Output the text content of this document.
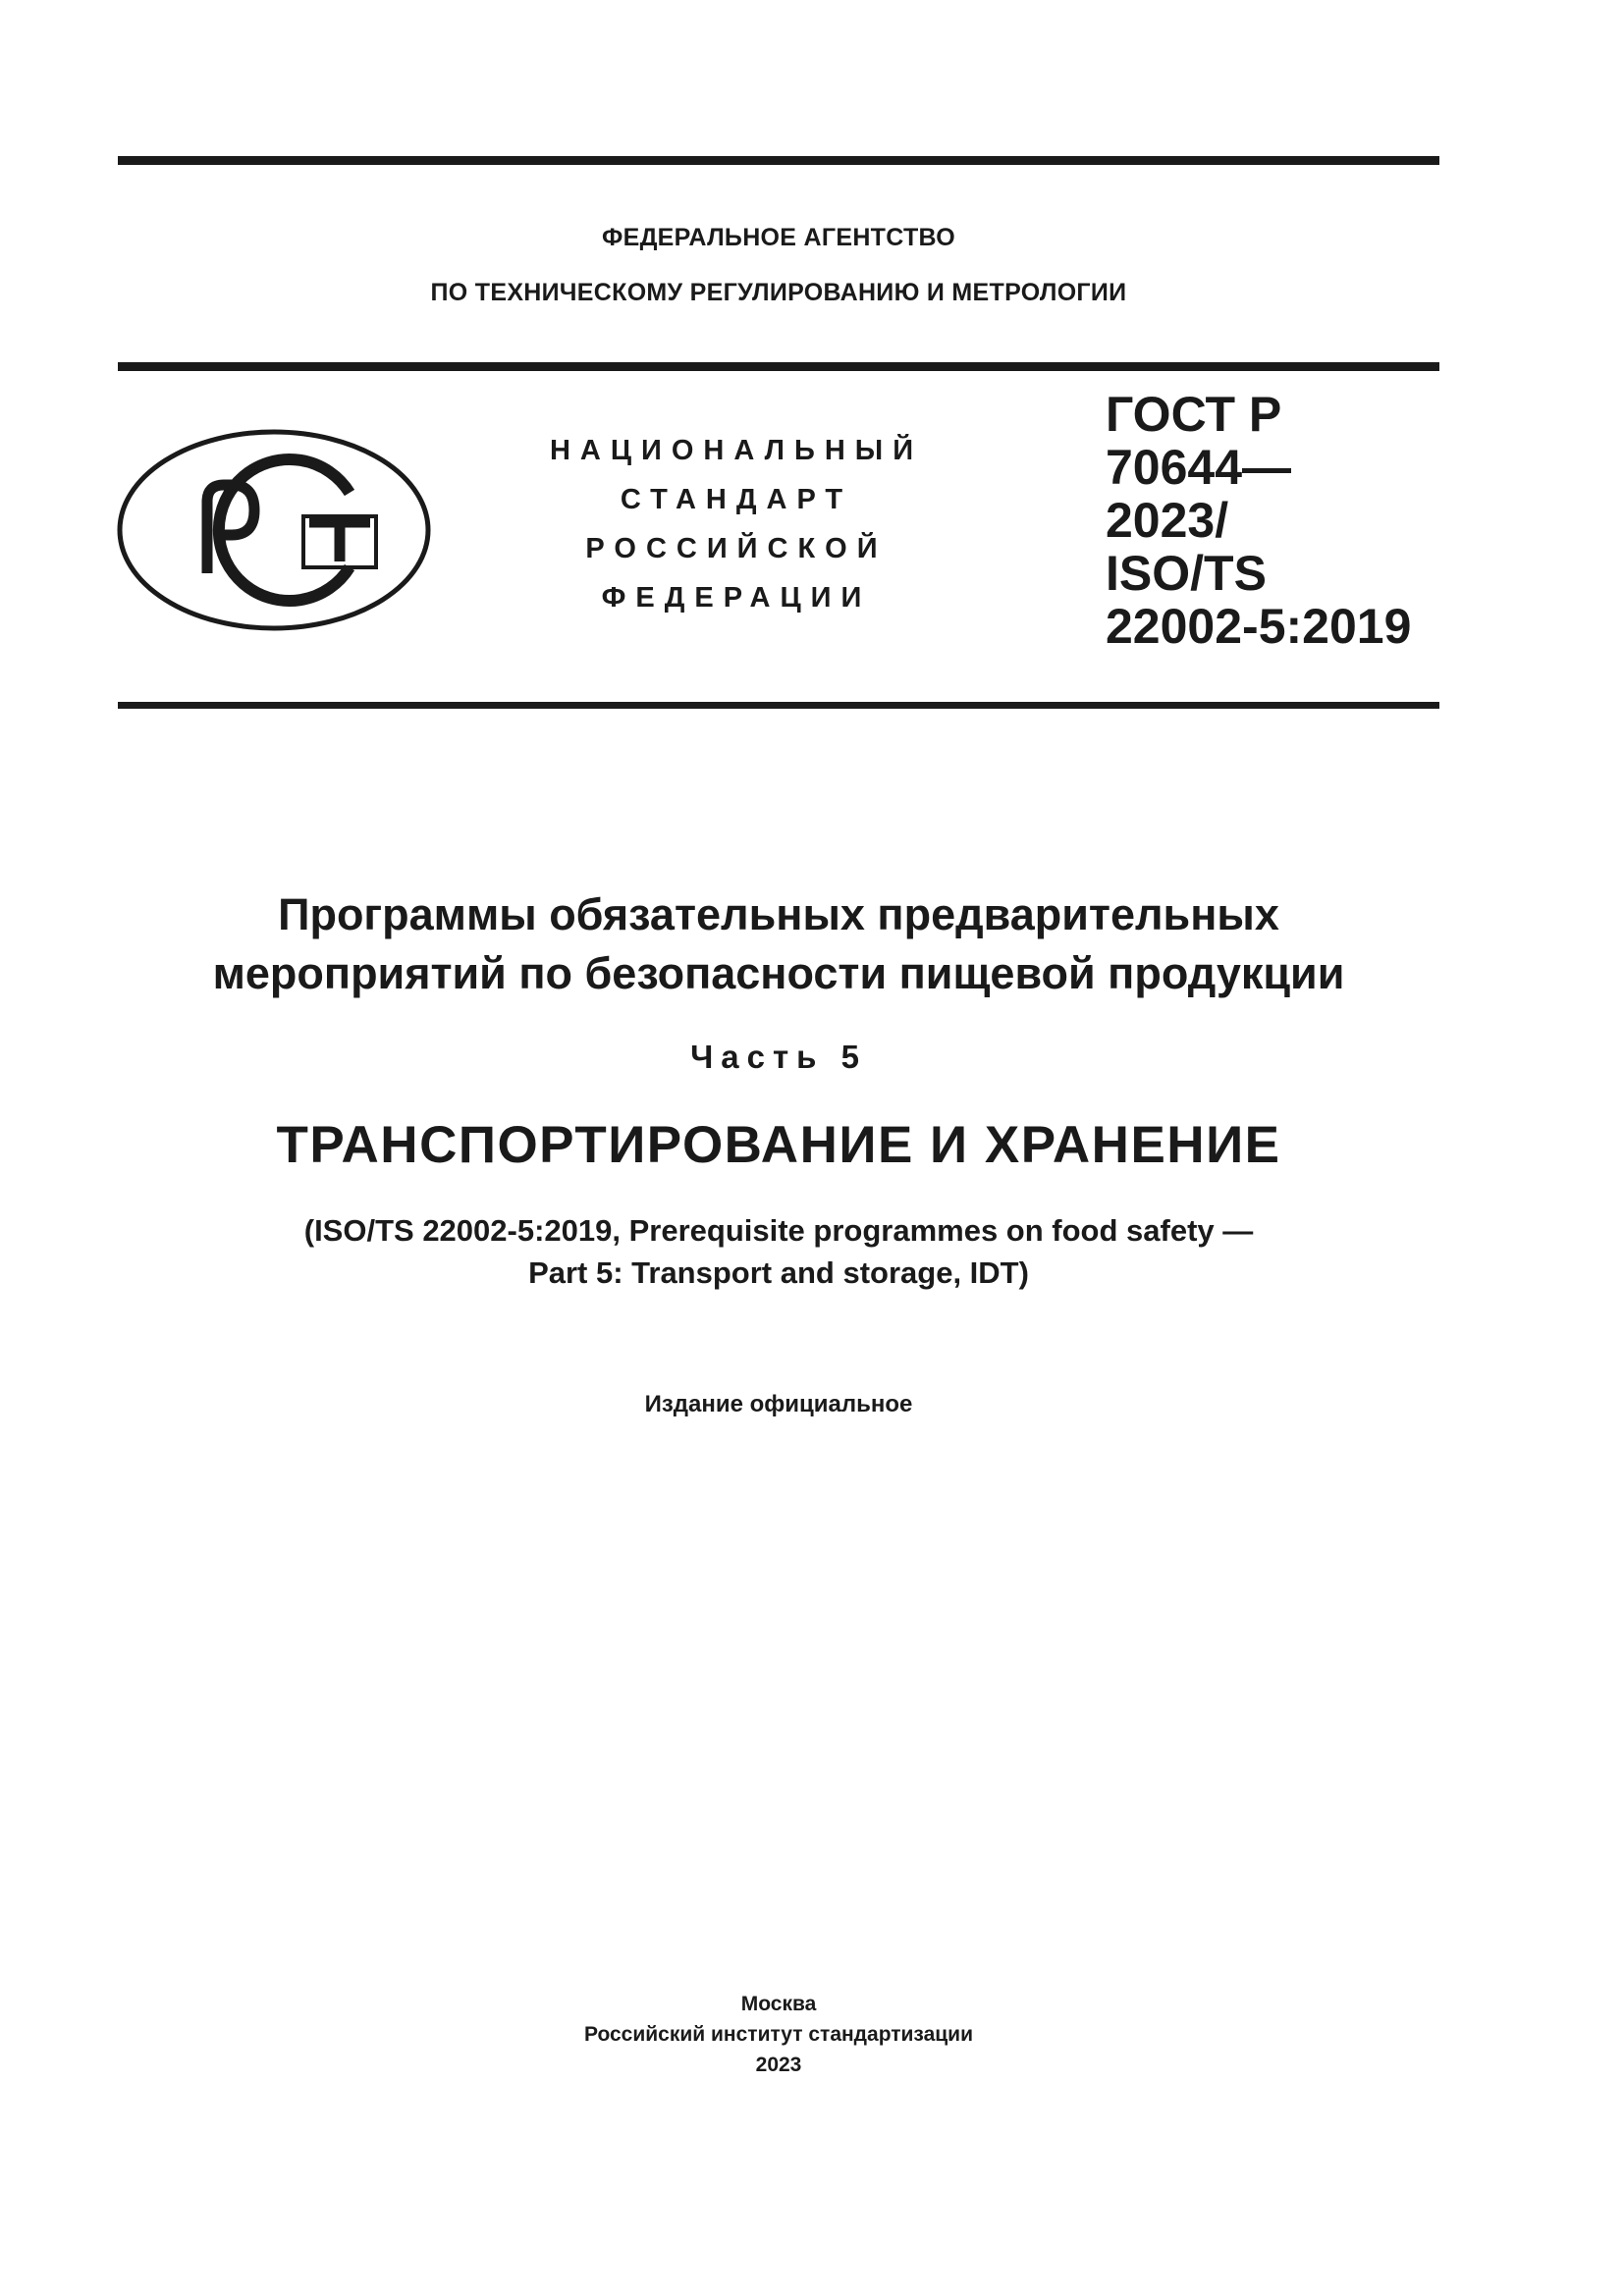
ФЕДЕРАЛЬНОЕ АГЕНТСТВО
ПО ТЕХНИЧЕСКОМУ РЕГУЛИРОВАНИЮ И МЕТРОЛОГИИ
НАЦИОНАЛЬНЫЙ
СТАНДАРТ
РОССИЙСКОЙ
ФЕДЕРАЦИИ
ГОСТ Р
70644—
2023/
ISO/TS
22002-5:2019
Программы обязательных предварительных
мероприятий по безопасности пищевой продукции
Часть 5
ТРАНСПОРТИРОВАНИЕ И ХРАНЕНИЕ
(ISO/TS 22002-5:2019, Prerequisite programmes on food safety —
Part 5: Transport and storage, IDT)
Издание официальное
Москва
Российский институт стандартизации
2023
